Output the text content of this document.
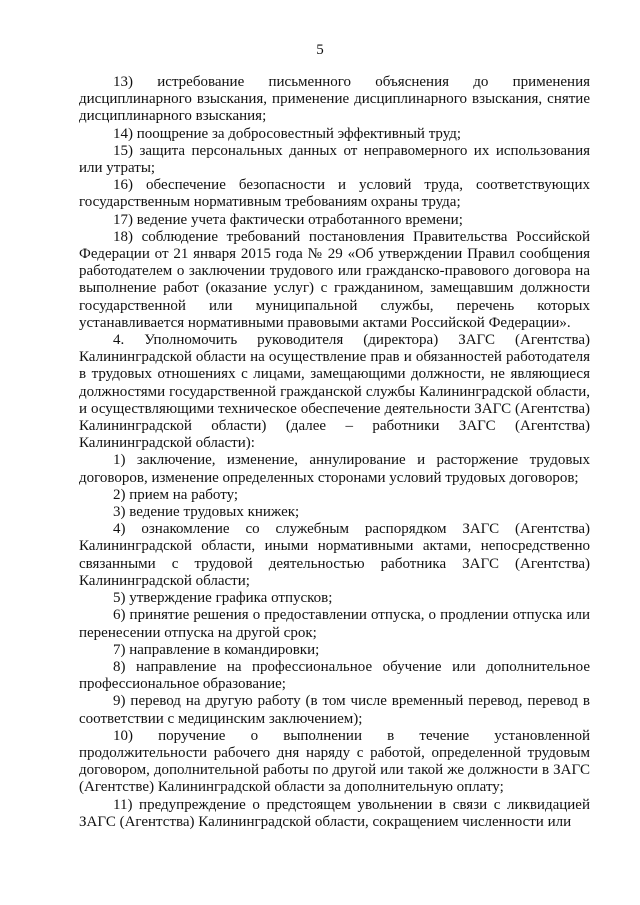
5

13) истребование письменного объяснения до применения дисциплинарного взыскания, применение дисциплинарного взыскания, снятие дисциплинарного взыскания;

14) поощрение за добросовестный эффективный труд;

15) защита персональных данных от неправомерного их использования или утраты;

16) обеспечение безопасности и условий труда, соответствующих государственным нормативным требованиям охраны труда;

17) ведение учета фактически отработанного времени;

18) соблюдение требований постановления Правительства Российской Федерации от 21 января 2015 года № 29 «Об утверждении Правил сообщения работодателем о заключении трудового или гражданско-правового договора на выполнение работ (оказание услуг) с гражданином, замещавшим должности государственной или муниципальной службы, перечень которых устанавливается нормативными правовыми актами Российской Федерации».

4. Уполномочить руководителя (директора) ЗАГС (Агентства) Калининградской области на осуществление прав и обязанностей работодателя в трудовых отношениях с лицами, замещающими должности, не являющиеся должностями государственной гражданской службы Калининградской области, и осуществляющими техническое обеспечение деятельности ЗАГС (Агентства) Калининградской области) (далее – работники ЗАГС (Агентства) Калининградской области):

1) заключение, изменение, аннулирование и расторжение трудовых договоров, изменение определенных сторонами условий трудовых договоров;

2) прием на работу;

3) ведение трудовых книжек;

4) ознакомление со служебным распорядком ЗАГС (Агентства) Калининградской области, иными нормативными актами, непосредственно связанными с трудовой деятельностью работника ЗАГС (Агентства) Калининградской области;

5) утверждение графика отпусков;

6) принятие решения о предоставлении отпуска, о продлении отпуска или перенесении отпуска на другой срок;

7) направление в командировки;

8) направление на профессиональное обучение или дополнительное профессиональное образование;

9) перевод на другую работу (в том числе временный перевод, перевод в соответствии с медицинским заключением);

10) поручение о выполнении в течение установленной продолжительности рабочего дня наряду с работой, определенной трудовым договором, дополнительной работы по другой или такой же должности в ЗАГС (Агентстве) Калининградской области за дополнительную оплату;

11) предупреждение о предстоящем увольнении в связи с ликвидацией ЗАГС (Агентства) Калининградской области, сокращением численности или
